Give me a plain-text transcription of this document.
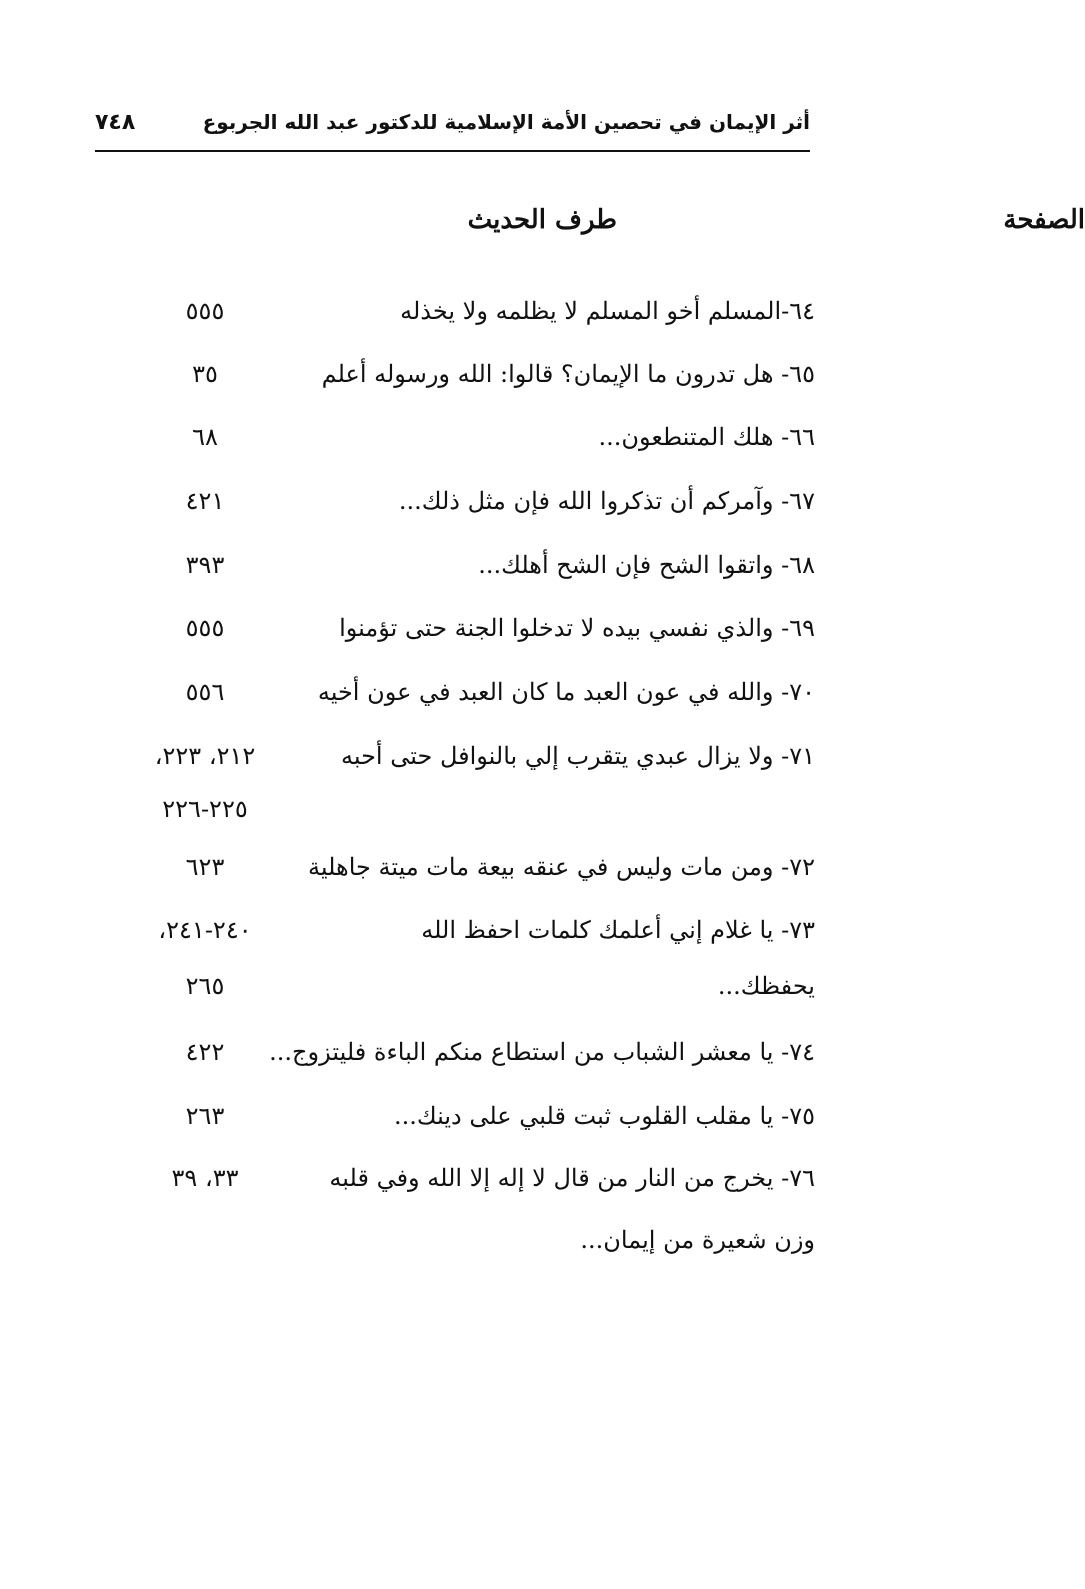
أثر الإيمان في تحصين الأمة الإسلامية للدكتور عبد الله الجربوع
٧٤٨
طرف الحديث	الصفحة
٦٤-المسلم أخو المسلم لا يظلمه ولا يخذله
٥٥٥
٦٥- هل تدرون ما الإيمان؟ قالوا: الله ورسوله أعلم
٣٥
٦٦- هلك المتنطعون...
٦٨
٦٧- وآمركم أن تذكروا الله فإن مثل ذلك...
٤٢١
٦٨- واتقوا الشح فإن الشح أهلك...
٣٩٣
٦٩- والذي نفسي بيده لا تدخلوا الجنة حتى تؤمنوا
٥٥٥
٧٠- والله في عون العبد ما كان العبد في عون أخيه
٥٥٦
٧١- ولا يزال عبدي يتقرب إلي بالنوافل حتى أحبه
٢١٢، ٢٢٣،
٢٢٥-٢٢٦
٧٢- ومن مات وليس في عنقه بيعة مات ميتة جاهلية
٦٢٣
٧٣- يا غلام إني أعلمك كلمات احفظ الله
٢٤٠-٢٤١،
يحفظك...
٢٦٥
٧٤- يا معشر الشباب من استطاع منكم الباءة فليتزوج...
٤٢٢
٧٥- يا مقلب القلوب ثبت قلبي على دينك...
٢٦٣
٧٦- يخرج من النار من قال لا إله إلا الله وفي قلبه
٣٣، ٣٩
وزن شعيرة من إيمان...
